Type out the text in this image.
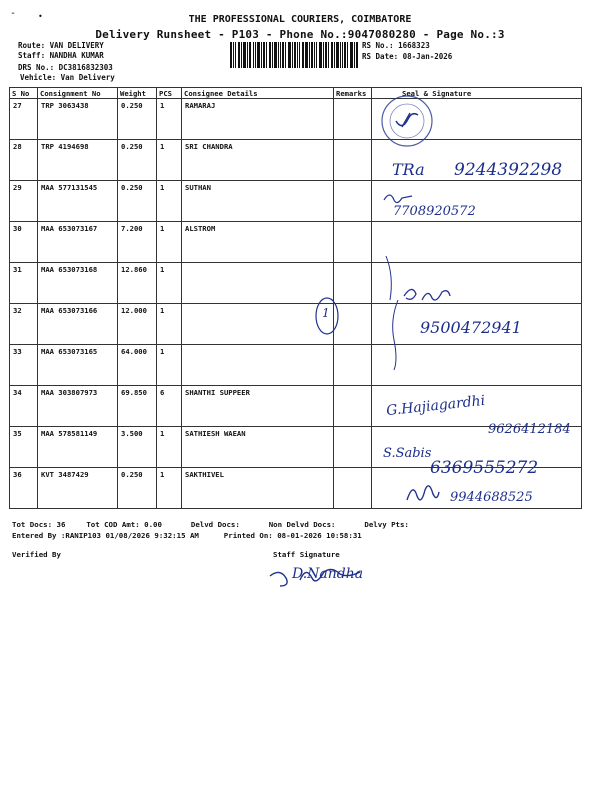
-	•	THE PROFESSIONAL COURIERS, COIMBATORE
Delivery Runsheet - P103 - Phone No.:9047080280 - Page No.:3
Route: VAN DELIVERY
Staff: NANDHA KUMAR
DRS No.: DC3816832303
Vehicle: Van Delivery
RS No.: 1668323
RS Date: 08-Jan-2026
S No	Consignment No	Weight	PCS	Consignee Details	Remarks	Seal & Signature
27	TRP 3063438	0.250	1	RAMARAJ		
28	TRP 4194698	0.250	1	SRI CHANDRA		
29	MAA 577131545	0.250	1	SUTHAN		
30	MAA 653073167	7.200	1	ALSTROM		
31	MAA 653073168	12.860	1			
32	MAA 653073166	12.000	1			
33	MAA 653073165	64.000	1			
34	MAA 303807973	69.850	6	SHANTHI SUPPEER		
35	MAA 578581149	3.500	1	SATHIESH WAEAN		
36	KVT 3487429	0.250	1	SAKTHIVEL		
TRa 9244392298
7708920572
9500472941
1
G.Hajiagardhi
9626412184
S.Sabis
6369555272
9944688525
Tot Docs: 36	Tot COD Amt: 0.00	Delvd Docs:	Non Delvd Docs:	Delvy Pts:
Entered By :RANIP103 01/08/2026 9:32:15 AM	Printed On: 08-01-2026 10:58:31
Verified By	Staff Signature
D.Nandha
